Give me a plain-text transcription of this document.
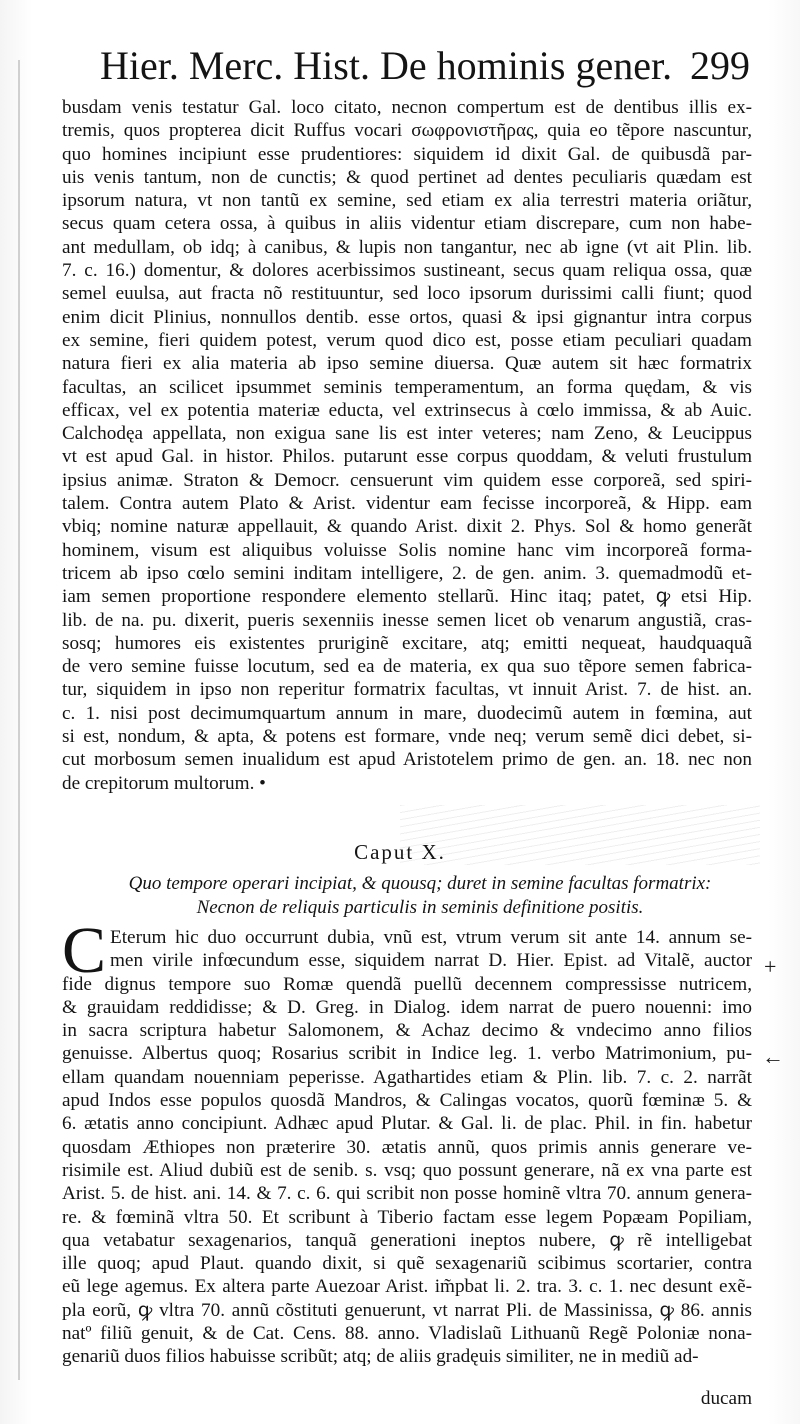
Hier. Merc. Hist. De hominis gener. 299
busdam venis testatur Gal. loco citato, necnon compertum est de dentibus illis ex-
tremis, quos propterea dicit Ruffus vocari σωφρονιστῆρας, quia eo tẽpore nascuntur,
quo homines incipiunt esse prudentiores: siquidem id dixit Gal. de quibusdã par-
uis venis tantum, non de cunctis; & quod pertinet ad dentes peculiaris quædam est
ipsorum natura, vt non tantũ ex semine, sed etiam ex alia terrestri materia oriãtur,
secus quam cetera ossa, à quibus in aliis videntur etiam discrepare, cum non habe-
ant medullam, ob idq; à canibus, & lupis non tangantur, nec ab igne (vt ait Plin. lib.
7. c. 16.) domentur, & dolores acerbissimos sustineant, secus quam reliqua ossa, quæ
semel euulsa, aut fracta nõ restituuntur, sed loco ipsorum durissimi calli fiunt; quod
enim dicit Plinius, nonnullos dentib. esse ortos, quasi & ipsi gignantur intra corpus
ex semine, fieri quidem potest, verum quod dico est, posse etiam peculiari quadam
natura fieri ex alia materia ab ipso semine diuersa. Quæ autem sit hæc formatrix
facultas, an scilicet ipsummet seminis temperamentum, an forma quędam, & vis
efficax, vel ex potentia materiæ educta, vel extrinsecus à cœlo immissa, & ab Auic.
Calchodęa appellata, non exigua sane lis est inter veteres; nam Zeno, & Leucippus
vt est apud Gal. in histor. Philos. putarunt esse corpus quoddam, & veluti frustulum
ipsius animæ. Straton & Democr. censuerunt vim quidem esse corporeã, sed spiri-
talem. Contra autem Plato & Arist. videntur eam fecisse incorporeã, & Hipp. eam
vbiq; nomine naturæ appellauit, & quando Arist. dixit 2. Phys. Sol & homo generãt
hominem, visum est aliquibus voluisse Solis nomine hanc vim incorporeã forma-
tricem ab ipso cœlo semini inditam intelligere, 2. de gen. anim. 3. quemadmodũ et-
iam semen proportione respondere elemento stellarũ. Hinc itaq; patet, ꝙ etsi Hip.
lib. de na. pu. dixerit, pueris sexenniis inesse semen licet ob venarum angustiã, cras-
sosq; humores eis existentes pruriginẽ excitare, atq; emitti nequeat, haudquaquã
de vero semine fuisse locutum, sed ea de materia, ex qua suo tẽpore semen fabrica-
tur, siquidem in ipso non reperitur formatrix facultas, vt innuit Arist. 7. de hist. an.
c. 1. nisi post decimumquartum annum in mare, duodecimũ autem in fœmina, aut
si est, nondum, & apta, & potens est formare, vnde neq; verum semẽ dici debet, si-
cut morbosum semen inualidum est apud Aristotelem primo de gen. an. 18. nec non
de crepitorum multorum. •
Caput X.
Quo tempore operari incipiat, & quousq; duret in semine facultas formatrix:
Necnon de reliquis particulis in seminis definitione positis.
C Eterum hic duo occurrunt dubia, vnũ est, vtrum verum sit ante 14. annum se-
men virile infœcundum esse, siquidem narrat D. Hier. Epist. ad Vitalẽ, auctor
fide dignus tempore suo Romæ quendã puellũ decennem compressisse nutricem,
& grauidam reddidisse; & D. Greg. in Dialog. idem narrat de puero nouenni: imo
in sacra scriptura habetur Salomonem, & Achaz decimo & vndecimo anno filios
genuisse. Albertus quoq; Rosarius scribit in Indice leg. 1. verbo Matrimonium, pu-
ellam quandam nouenniam peperisse. Agathartides etiam & Plin. lib. 7. c. 2. narrãt
apud Indos esse populos quosdã Mandros, & Calingas vocatos, quorũ fœminæ 5. &
6. ætatis anno concipiunt. Adhæc apud Plutar. & Gal. li. de plac. Phil. in fin. habetur
quosdam Æthiopes non præterire 30. ætatis annũ, quos primis annis generare ve-
risimile est. Aliud dubiũ est de senib. s. vsq; quo possunt generare, nã ex vna parte est
Arist. 5. de hist. ani. 14. & 7. c. 6. qui scribit non posse hominẽ vltra 70. annum genera-
re. & fœminã vltra 50. Et scribunt à Tiberio factam esse legem Popæam Popiliam,
qua vetabatur sexagenarios, tanquã generationi ineptos nubere, ꝙ rẽ intelligebat
ille quoq; apud Plaut. quando dixit, si quẽ sexagenariũ scibimus scortarier, contra
eũ lege agemus. Ex altera parte Auezoar Arist. im̃pbat li. 2. tra. 3. c. 1. nec desunt exẽ-
pla eorũ, ꝙ vltra 70. annũ cõstituti genuerunt, vt narrat Pli. de Massinissa, ꝙ 86. annis
natº filiũ genuit, & de Cat. Cens. 88. anno. Vladislaũ Lithuanũ Regẽ Poloniæ nona-
genariũ duos filios habuisse scribũt; atq; de aliis gradęuis similiter, ne in mediũ ad-
+
←
ducam
